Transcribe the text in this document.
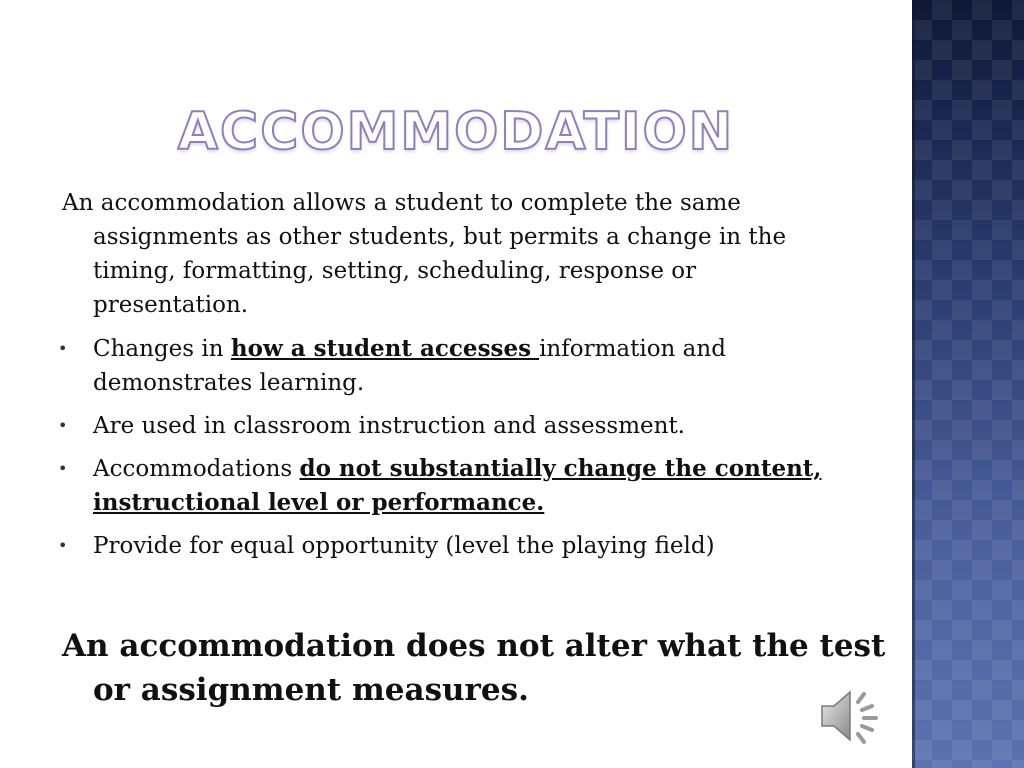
ACCOMMODATION

An accommodation allows a student to complete the same assignments as other students, but permits a change in the timing, formatting, setting, scheduling, response or presentation.

• Changes in how a student accesses information and demonstrates learning.
• Are used in classroom instruction and assessment.
• Accommodations do not substantially change the content, instructional level or performance.
• Provide for equal opportunity (level the playing field)
An accommodation does not alter what the test or assignment measures.
